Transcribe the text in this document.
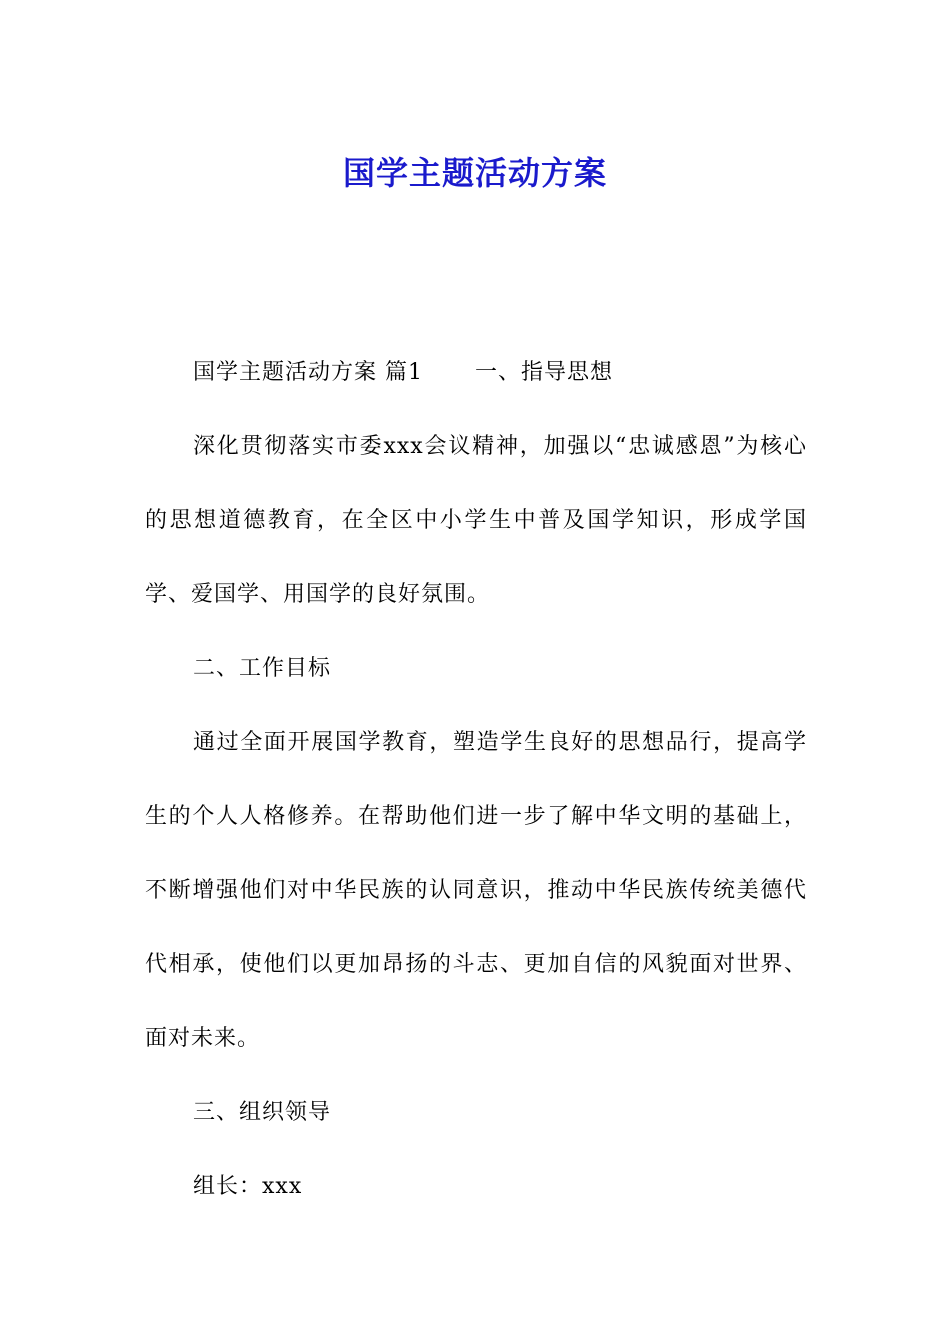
国学主题活动方案

国学主题活动方案 篇1 一、指导思想

深化贯彻落实市委xxx会议精神，加强以“忠诚感恩”为核心的思想道德教育，在全区中小学生中普及国学知识，形成学国学、爱国学、用国学的良好氛围。

二、工作目标

通过全面开展国学教育，塑造学生良好的思想品行，提高学生的个人人格修养。在帮助他们进一步了解中华文明的基础上，不断增强他们对中华民族的认同意识，推动中华民族传统美德代代相承，使他们以更加昂扬的斗志、更加自信的风貌面对世界、面对未来。

三、组织领导

组长：xxx
